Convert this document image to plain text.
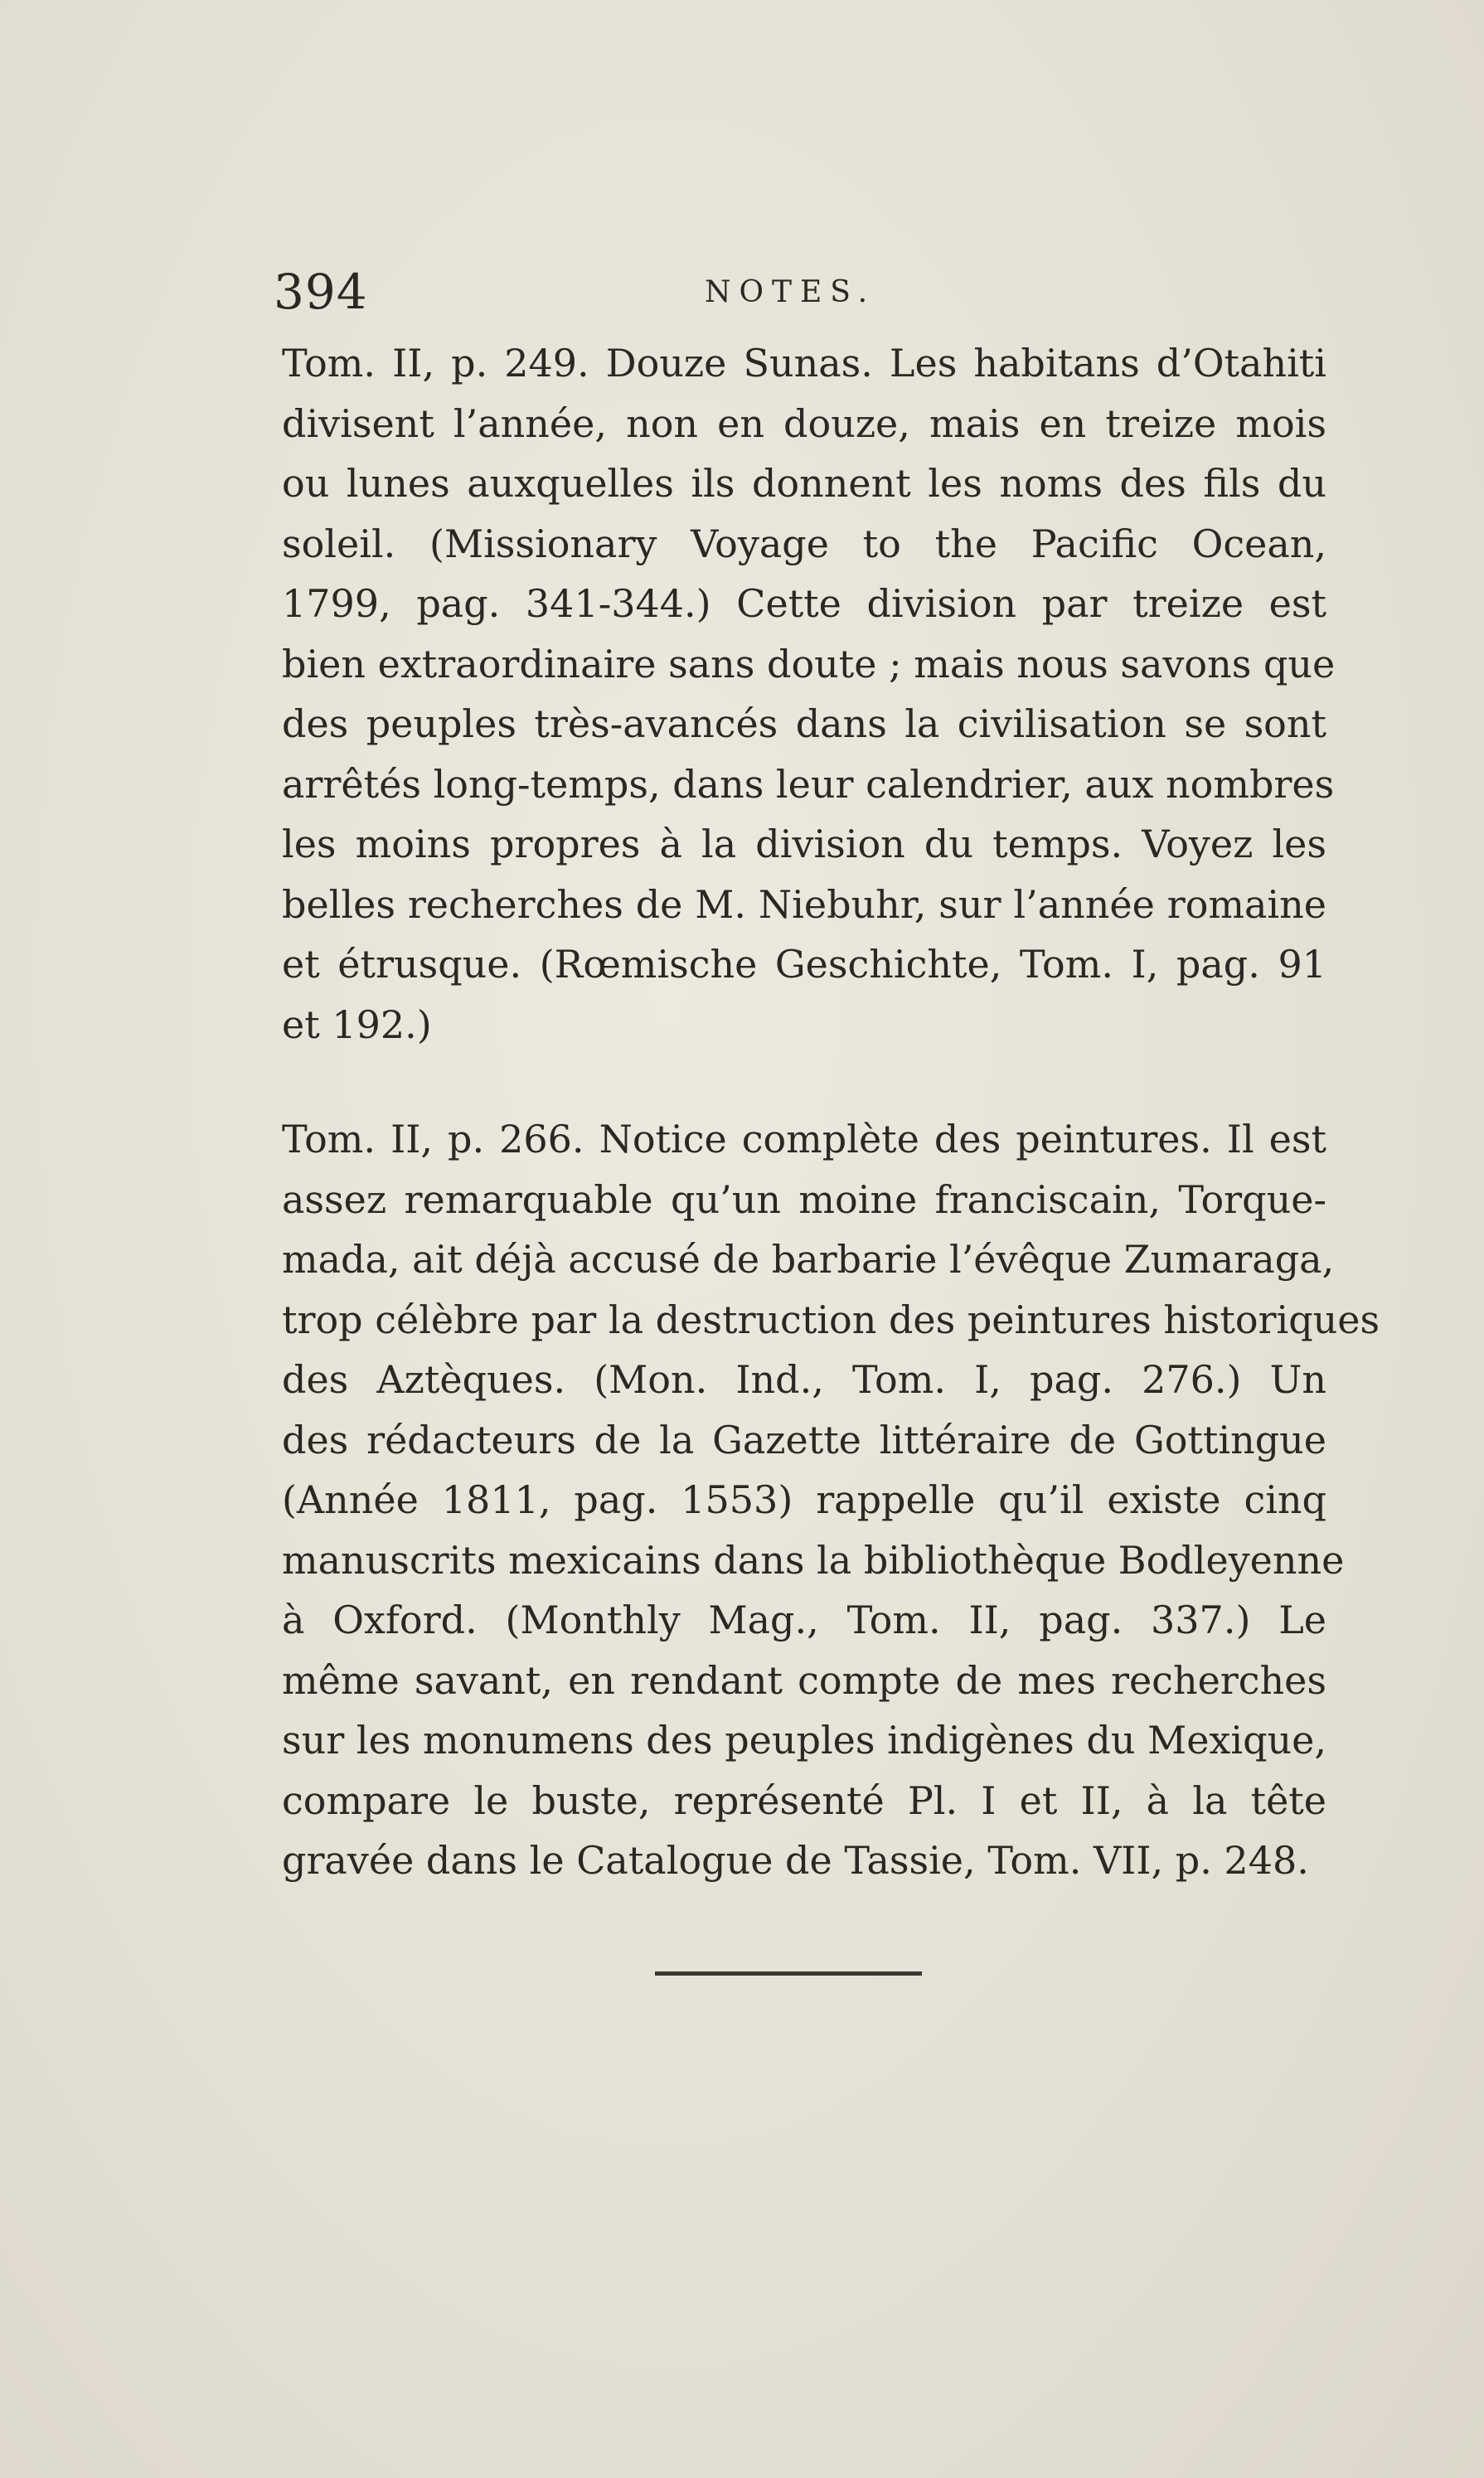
394	NOTES.
Tom. II, p. 249. Douze Sunas. Les habitans d’Otahiti
divisent l’année, non en douze, mais en treize mois
ou lunes auxquelles ils donnent les noms des fils du
soleil. (Missionary Voyage to the Pacific Ocean,
1799, pag. 341-344.) Cette division par treize est
bien extraordinaire sans doute ; mais nous savons que
des peuples très-avancés dans la civilisation se sont
arrêtés long-temps, dans leur calendrier, aux nombres
les moins propres à la division du temps. Voyez les
belles recherches de M. Niebuhr, sur l’année romaine
et étrusque. (Rœmische Geschichte, Tom. I, pag. 91
et 192.)
Tom. II, p. 266. Notice complète des peintures. Il est
assez remarquable qu’un moine franciscain, Torque-
mada, ait déjà accusé de barbarie l’évêque Zumaraga,
trop célèbre par la destruction des peintures historiques
des Aztèques. (Mon. Ind., Tom. I, pag. 276.) Un
des rédacteurs de la Gazette littéraire de Gottingue
(Année 1811, pag. 1553) rappelle qu’il existe cinq
manuscrits mexicains dans la bibliothèque Bodleyenne
à Oxford. (Monthly Mag., Tom. II, pag. 337.) Le
même savant, en rendant compte de mes recherches
sur les monumens des peuples indigènes du Mexique,
compare le buste, représenté Pl. I et II, à la tête
gravée dans le Catalogue de Tassie, Tom. VII, p. 248.
